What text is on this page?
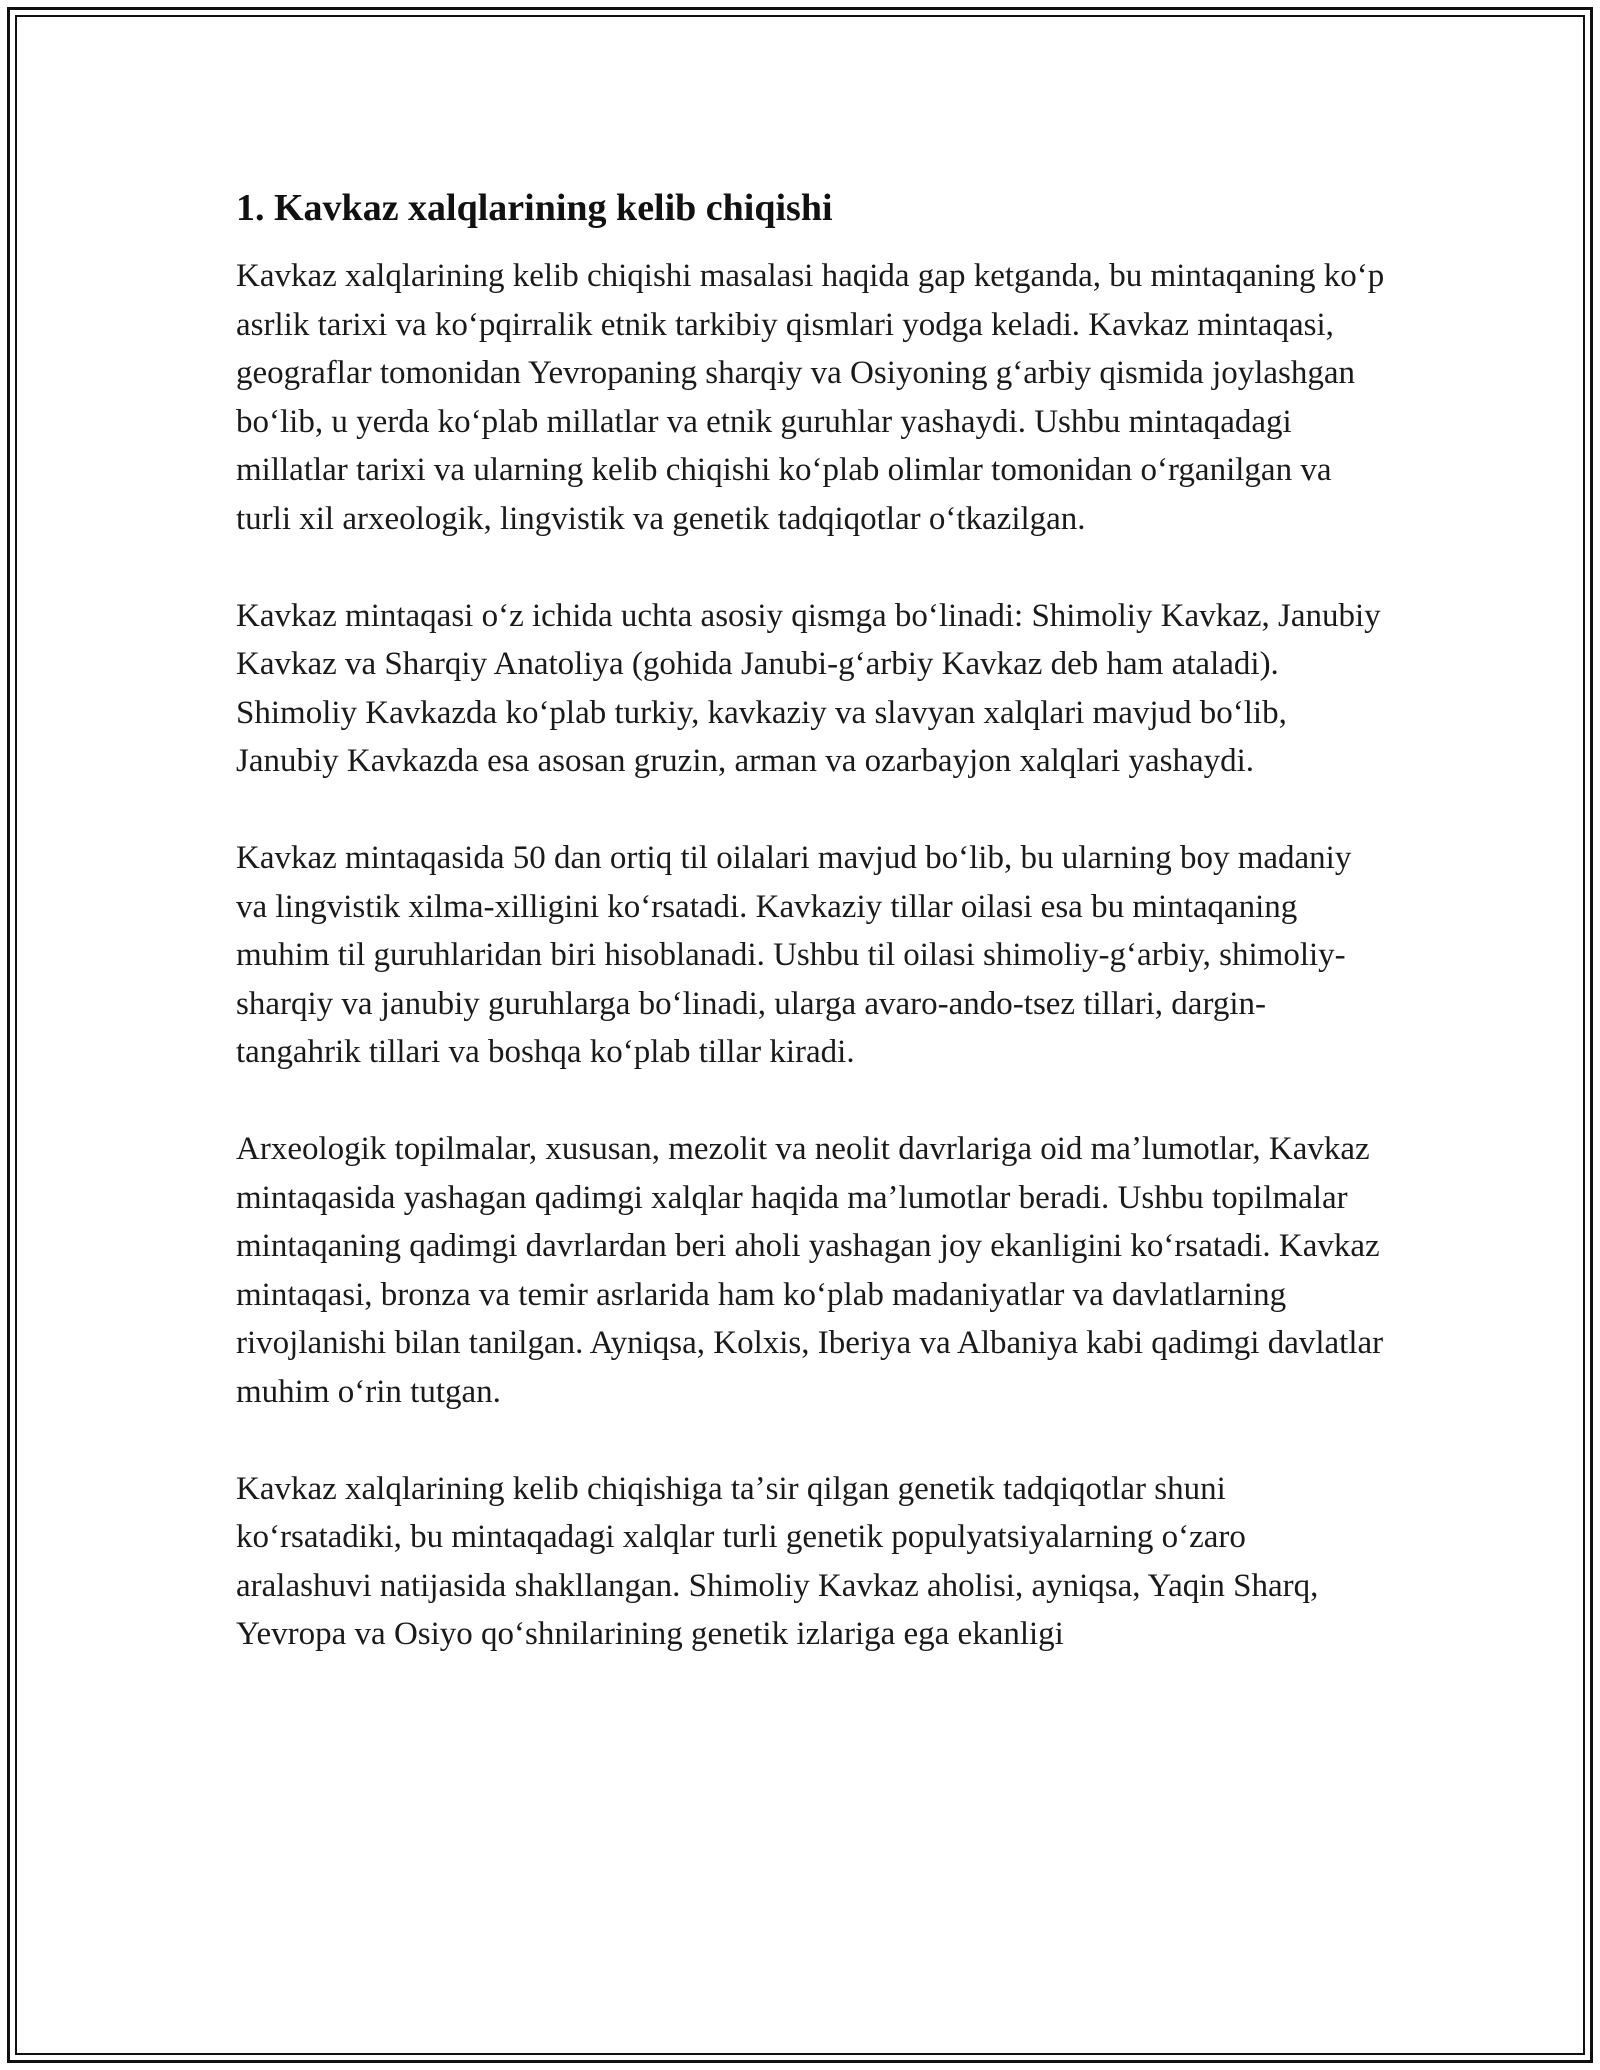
1. Kavkaz xalqlarining kelib chiqishi

Kavkaz xalqlarining kelib chiqishi masalasi haqida gap ketganda, bu mintaqaning koʻp asrlik tarixi va koʻpqirralik etnik tarkibiy qismlari yodga keladi. Kavkaz mintaqasi, geograflar tomonidan Yevropaning sharqiy va Osiyoning gʻarbiy qismida joylashgan boʻlib, u yerda koʻplab millatlar va etnik guruhlar yashaydi. Ushbu mintaqadagi millatlar tarixi va ularning kelib chiqishi koʻplab olimlar tomonidan oʻrganilgan va turli xil arxeologik, lingvistik va genetik tadqiqotlar oʻtkazilgan.

Kavkaz mintaqasi oʻz ichida uchta asosiy qismga boʻlinadi: Shimoliy Kavkaz, Janubiy Kavkaz va Sharqiy Anatoliya (gohida Janubi-gʻarbiy Kavkaz deb ham ataladi). Shimoliy Kavkazda koʻplab turkiy, kavkaziy va slavyan xalqlari mavjud boʻlib, Janubiy Kavkazda esa asosan gruzin, arman va ozarbayjon xalqlari yashaydi.

Kavkaz mintaqasida 50 dan ortiq til oilalari mavjud boʻlib, bu ularning boy madaniy va lingvistik xilma-xilligini koʻrsatadi. Kavkaziy tillar oilasi esa bu mintaqaning muhim til guruhlaridan biri hisoblanadi. Ushbu til oilasi shimoliy-gʻarbiy, shimoliy-sharqiy va janubiy guruhlarga boʻlinadi, ularga avaro-ando-tsez tillari, dargin-tangahrik tillari va boshqa koʻplab tillar kiradi.

Arxeologik topilmalar, xususan, mezolit va neolit davrlariga oid maʼlumotlar, Kavkaz mintaqasida yashagan qadimgi xalqlar haqida maʼlumotlar beradi. Ushbu topilmalar mintaqaning qadimgi davrlardan beri aholi yashagan joy ekanligini koʻrsatadi. Kavkaz mintaqasi, bronza va temir asrlarida ham koʻplab madaniyatlar va davlatlarning rivojlanishi bilan tanilgan. Ayniqsa, Kolxis, Iberiya va Albaniya kabi qadimgi davlatlar muhim oʻrin tutgan.

Kavkaz xalqlarining kelib chiqishiga taʼsir qilgan genetik tadqiqotlar shuni koʻrsatadiki, bu mintaqadagi xalqlar turli genetik populyatsiyalarning oʻzaro aralashuvi natijasida shakllangan. Shimoliy Kavkaz aholisi, ayniqsa, Yaqin Sharq, Yevropa va Osiyo qoʻshnilarining genetik izlariga ega ekanligi
